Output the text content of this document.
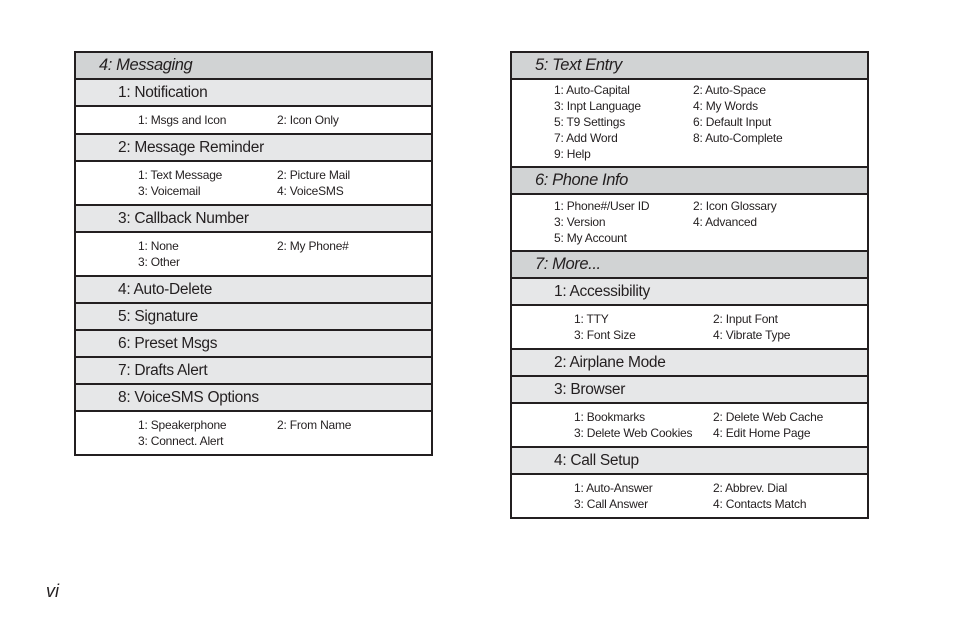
4: Messaging
1: Notification
1: Msgs and Icon	2: Icon Only
2: Message Reminder
1: Text Message	2: Picture Mail
3: Voicemail	4: VoiceSMS
3: Callback Number
1: None	2: My Phone#
3: Other
4: Auto-Delete
5: Signature
6: Preset Msgs
7: Drafts Alert
8: VoiceSMS Options
1: Speakerphone	2: From Name
3: Connect. Alert
5: Text Entry
1: Auto-Capital	2: Auto-Space
3: Inpt Language	4: My Words
5: T9 Settings	6: Default Input
7: Add Word	8: Auto-Complete
9: Help
6: Phone Info
1: Phone#/User ID	2: Icon Glossary
3: Version	4: Advanced
5: My Account
7: More...
1: Accessibility
1: TTY	2: Input Font
3: Font Size	4: Vibrate Type
2: Airplane Mode
3: Browser
1: Bookmarks	2: Delete Web Cache
3: Delete Web Cookies	4: Edit Home Page
4: Call Setup
1: Auto-Answer	2: Abbrev. Dial
3: Call Answer	4: Contacts Match
vi
